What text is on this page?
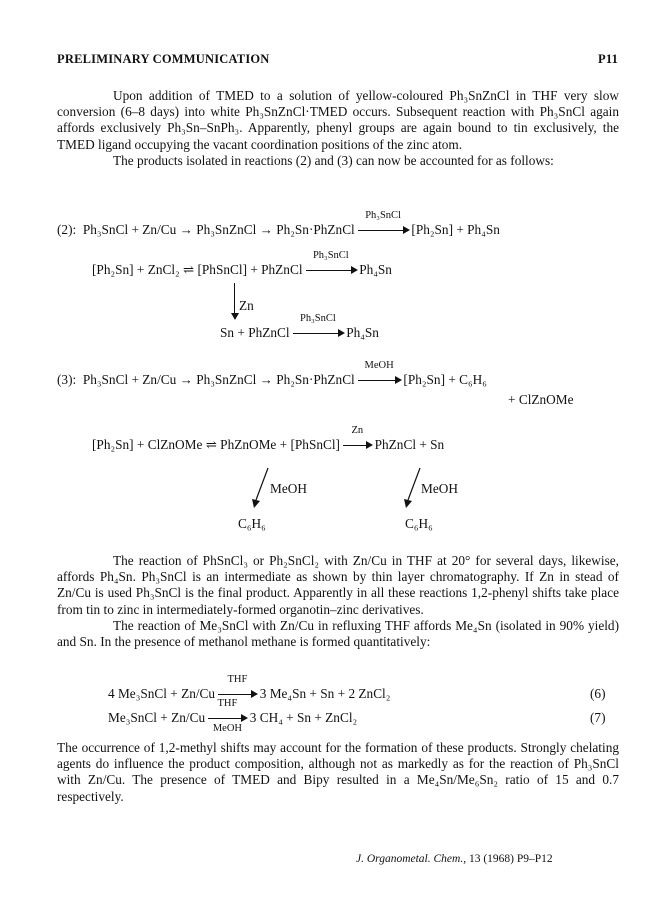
PRELIMINARY COMMUNICATION	P11

Upon addition of TMED to a solution of yellow-coloured Ph₃SnZnCl in THF very slow conversion (6–8 days) into white Ph₃SnZnCl·TMED occurs. Subsequent reaction with Ph₃SnCl again affords exclusively Ph₃Sn–SnPh₃. Apparently, phenyl groups are again bound to tin exclusively, the TMED ligand occupying the vacant coordination positions of the zinc atom.

The products isolated in reactions (2) and (3) can now be accounted for as follows:

(2): Ph₃SnCl + Zn/Cu → Ph₃SnZnCl → Ph₂Sn·PhZnCl
Ph₃SnCl
[Ph₂Sn] + Ph₄Sn
[Ph₂Sn] + ZnCl₂ ⇌ [PhSnCl] + PhZnCl
Ph₃SnCl
Ph₄Sn
Zn
Sn + PhZnCl
Ph₃SnCl
Ph₄Sn
(3): Ph₃SnCl + Zn/Cu → Ph₃SnZnCl → Ph₂Sn·PhZnCl
MeOH
[Ph₂Sn] + C₆H₆
+ ClZnOMe
[Ph₂Sn] + ClZnOMe ⇌ PhZnOMe + [PhSnCl]
Zn
PhZnCl + Sn
MeOH
C₆H₆
MeOH
C₆H₆

The reaction of PhSnCl₃ or Ph₂SnCl₂ with Zn/Cu in THF at 20° for several days, likewise, affords Ph₄Sn. Ph₃SnCl is an intermediate as shown by thin layer chromatography. If Zn in stead of Zn/Cu is used Ph₃SnCl is the final product. Apparently in all these reactions 1,2-phenyl shifts take place from tin to zinc in intermediately-formed organotin–zinc derivatives.

The reaction of Me₃SnCl with Zn/Cu in refluxing THF affords Me₄Sn (isolated in 90% yield) and Sn. In the presence of methanol methane is formed quantitatively:

4 Me₃SnCl + Zn/Cu
THF
3 Me₄Sn + Sn + 2 ZnCl₂	(6)
Me₃SnCl + Zn/Cu
THF
MeOH
3 CH₄ + Sn + ZnCl₂	(7)

The occurrence of 1,2-methyl shifts may account for the formation of these products. Strongly chelating agents do influence the product composition, although not as markedly as for the reaction of Ph₃SnCl with Zn/Cu. The presence of TMED and Bipy resulted in a Me₄Sn/Me₆Sn₂ ratio of 15 and 0.7 respectively.

J. Organometal. Chem., 13 (1968) P9–P12
